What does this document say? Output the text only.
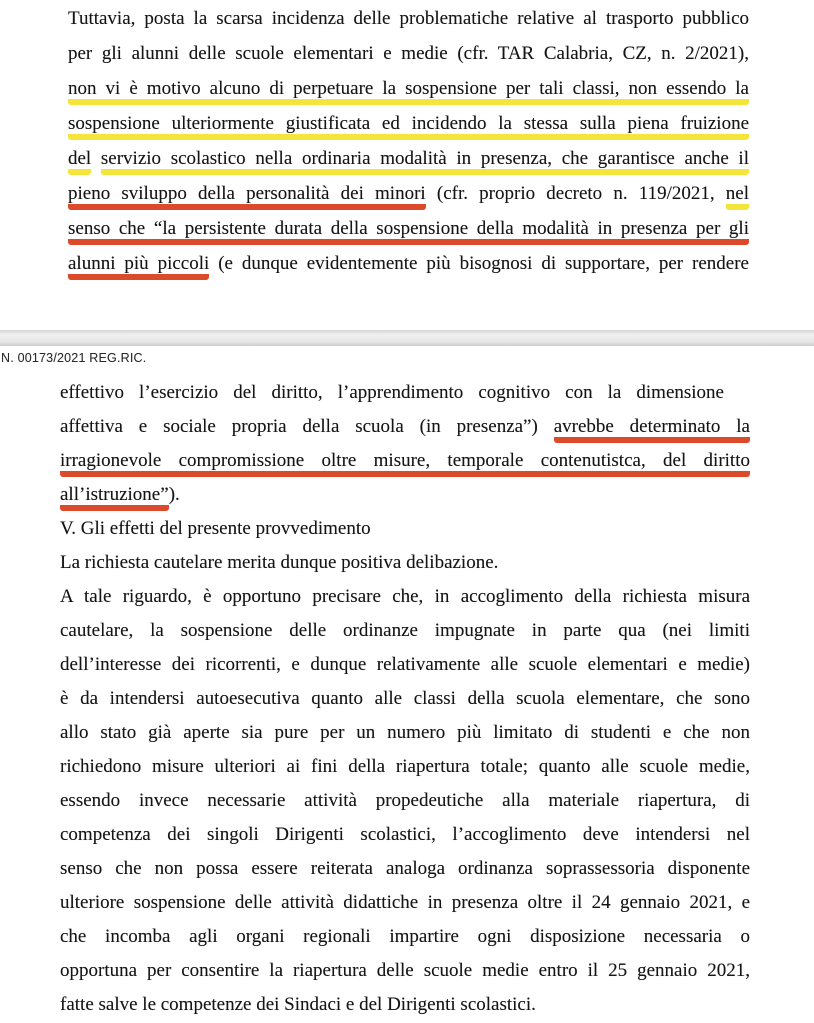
Tuttavia, posta la scarsa incidenza delle problematiche relative al trasporto pubblico
per gli alunni delle scuole elementari e medie (cfr. TAR Calabria, CZ, n. 2/2021),
non vi è motivo alcuno di perpetuare la sospensione per tali classi, non essendo la
sospensione ulteriormente giustificata ed incidendo la stessa sulla piena fruizione
del servizio scolastico nella ordinaria modalità in presenza, che garantisce anche il
pieno sviluppo della personalità dei minori (cfr. proprio decreto n. 119/2021, nel
senso che “la persistente durata della sospensione della modalità in presenza per gli
alunni più piccoli (e dunque evidentemente più bisognosi di supportare, per rendere
N. 00173/2021 REG.RIC.
effettivo l’esercizio del diritto, l’apprendimento cognitivo con la dimensione
affettiva e sociale propria della scuola (in presenza”) avrebbe determinato la
irragionevole compromissione oltre misure, temporale contenutistca, del diritto
all’istruzione”).
V. Gli effetti del presente provvedimento
La richiesta cautelare merita dunque positiva delibazione.
A tale riguardo, è opportuno precisare che, in accoglimento della richiesta misura
cautelare, la sospensione delle ordinanze impugnate in parte qua (nei limiti
dell’interesse dei ricorrenti, e dunque relativamente alle scuole elementari e medie)
è da intendersi autoesecutiva quanto alle classi della scuola elementare, che sono
allo stato già aperte sia pure per un numero più limitato di studenti e che non
richiedono misure ulteriori ai fini della riapertura totale; quanto alle scuole medie,
essendo invece necessarie attività propedeutiche alla materiale riapertura, di
competenza dei singoli Dirigenti scolastici, l’accoglimento deve intendersi nel
senso che non possa essere reiterata analoga ordinanza soprassessoria disponente
ulteriore sospensione delle attività didattiche in presenza oltre il 24 gennaio 2021, e
che incomba agli organi regionali impartire ogni disposizione necessaria o
opportuna per consentire la riapertura delle scuole medie entro il 25 gennaio 2021,
fatte salve le competenze dei Sindaci e del Dirigenti scolastici.
